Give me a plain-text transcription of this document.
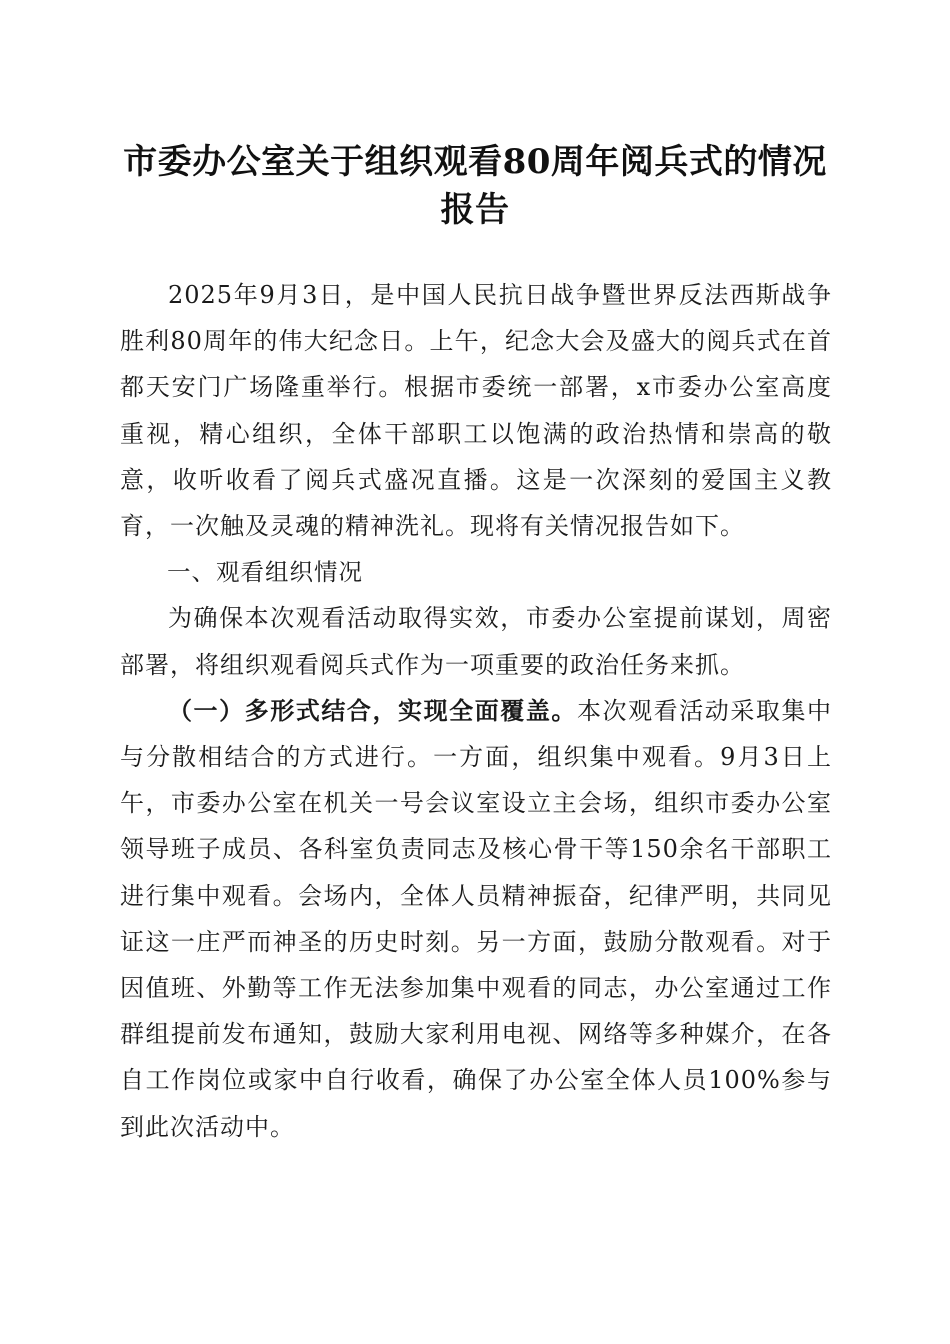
市委办公室关于组织观看80周年阅兵式的情况报告

2025年9月3日，是中国人民抗日战争暨世界反法西斯战争胜利80周年的伟大纪念日。上午，纪念大会及盛大的阅兵式在首都天安门广场隆重举行。根据市委统一部署，x市委办公室高度重视，精心组织，全体干部职工以饱满的政治热情和崇高的敬意，收听收看了阅兵式盛况直播。这是一次深刻的爱国主义教育，一次触及灵魂的精神洗礼。现将有关情况报告如下。

一、观看组织情况

为确保本次观看活动取得实效，市委办公室提前谋划，周密部署，将组织观看阅兵式作为一项重要的政治任务来抓。

（一）多形式结合，实现全面覆盖。本次观看活动采取集中与分散相结合的方式进行。一方面，组织集中观看。9月3日上午，市委办公室在机关一号会议室设立主会场，组织市委办公室领导班子成员、各科室负责同志及核心骨干等150余名干部职工进行集中观看。会场内，全体人员精神振奋，纪律严明，共同见证这一庄严而神圣的历史时刻。另一方面，鼓励分散观看。对于因值班、外勤等工作无法参加集中观看的同志，办公室通过工作群组提前发布通知，鼓励大家利用电视、网络等多种媒介，在各自工作岗位或家中自行收看，确保了办公室全体人员100%参与到此次活动中。
